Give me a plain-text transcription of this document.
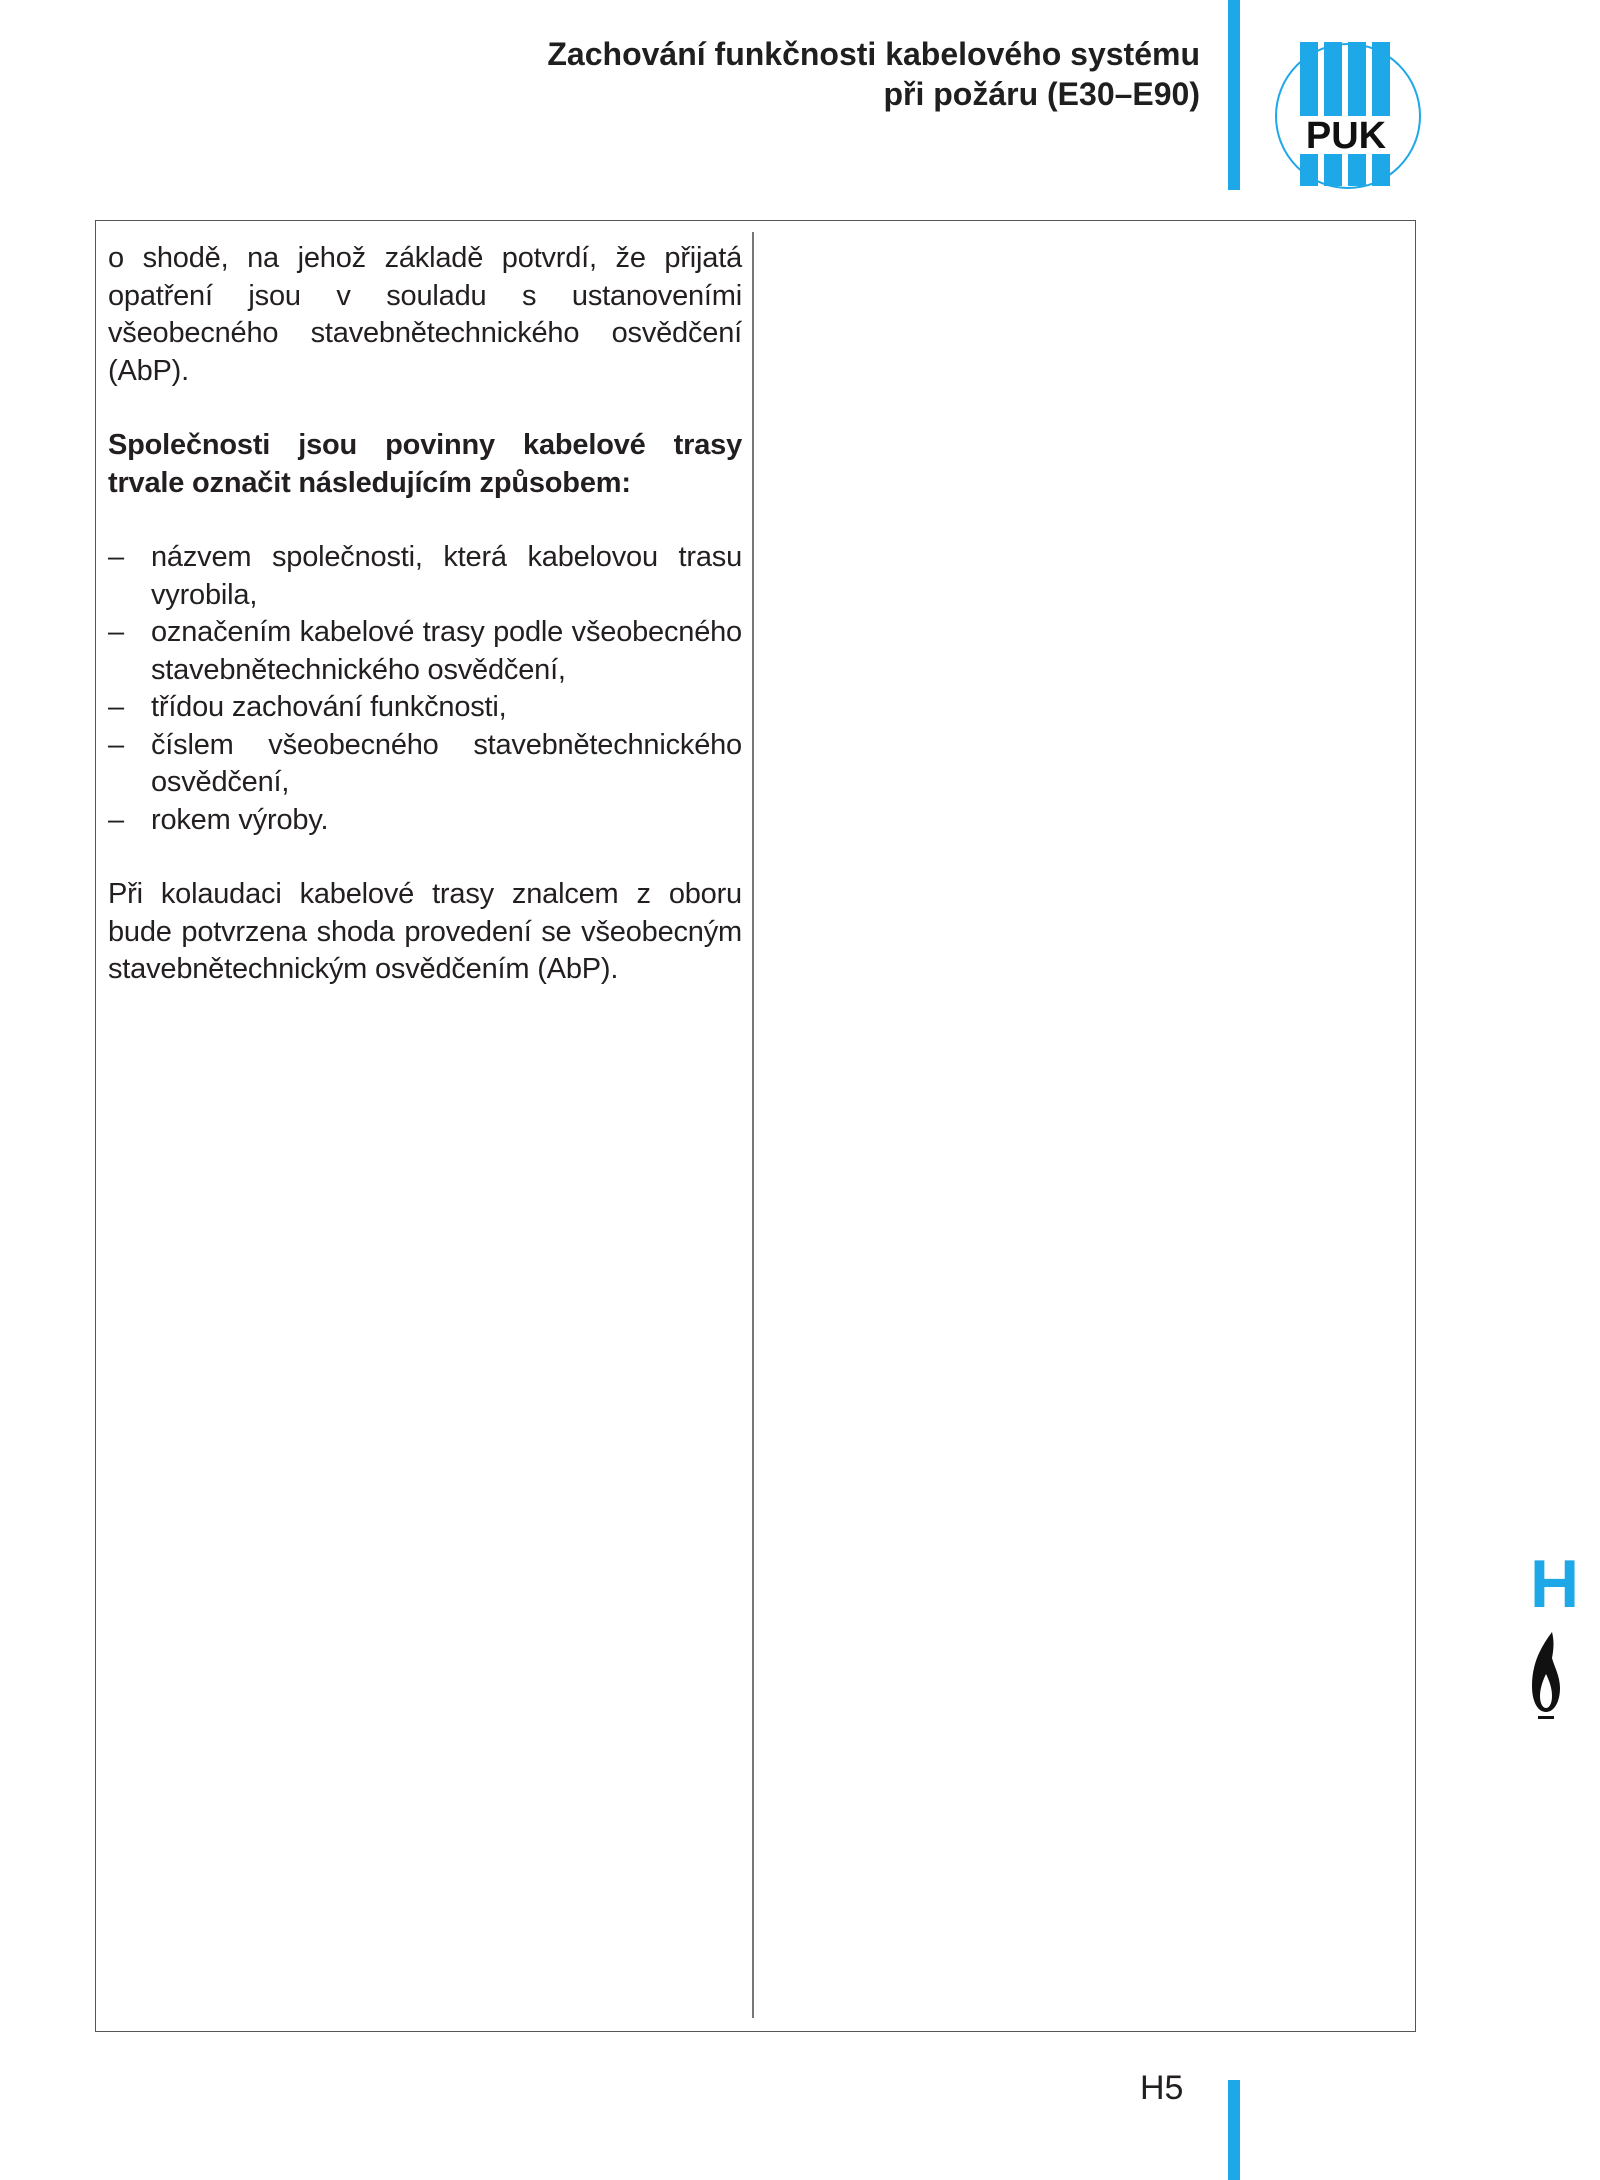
Zachování funkčnosti kabelového systému
při požáru (E30–E90)
PUK

o shodě, na jehož základě potvrdí, že přijatá opatření jsou v souladu s ustanoveními všeobecného stavebnětechnického osvědčení (AbP).

Společnosti jsou povinny kabelové trasy trvale označit následujícím způsobem:

– názvem společnosti, která kabelovou trasu vyrobila,
– označením kabelové trasy podle všeobecného stavebnětechnického osvědčení,
– třídou zachování funkčnosti,
– číslem všeobecného stavebnětechnického osvědčení,
– rokem výroby.

Při kolaudaci kabelové trasy znalcem z oboru bude potvrzena shoda provedení se všeobecným stavebnětechnickým osvědčením (AbP).

H
H5
